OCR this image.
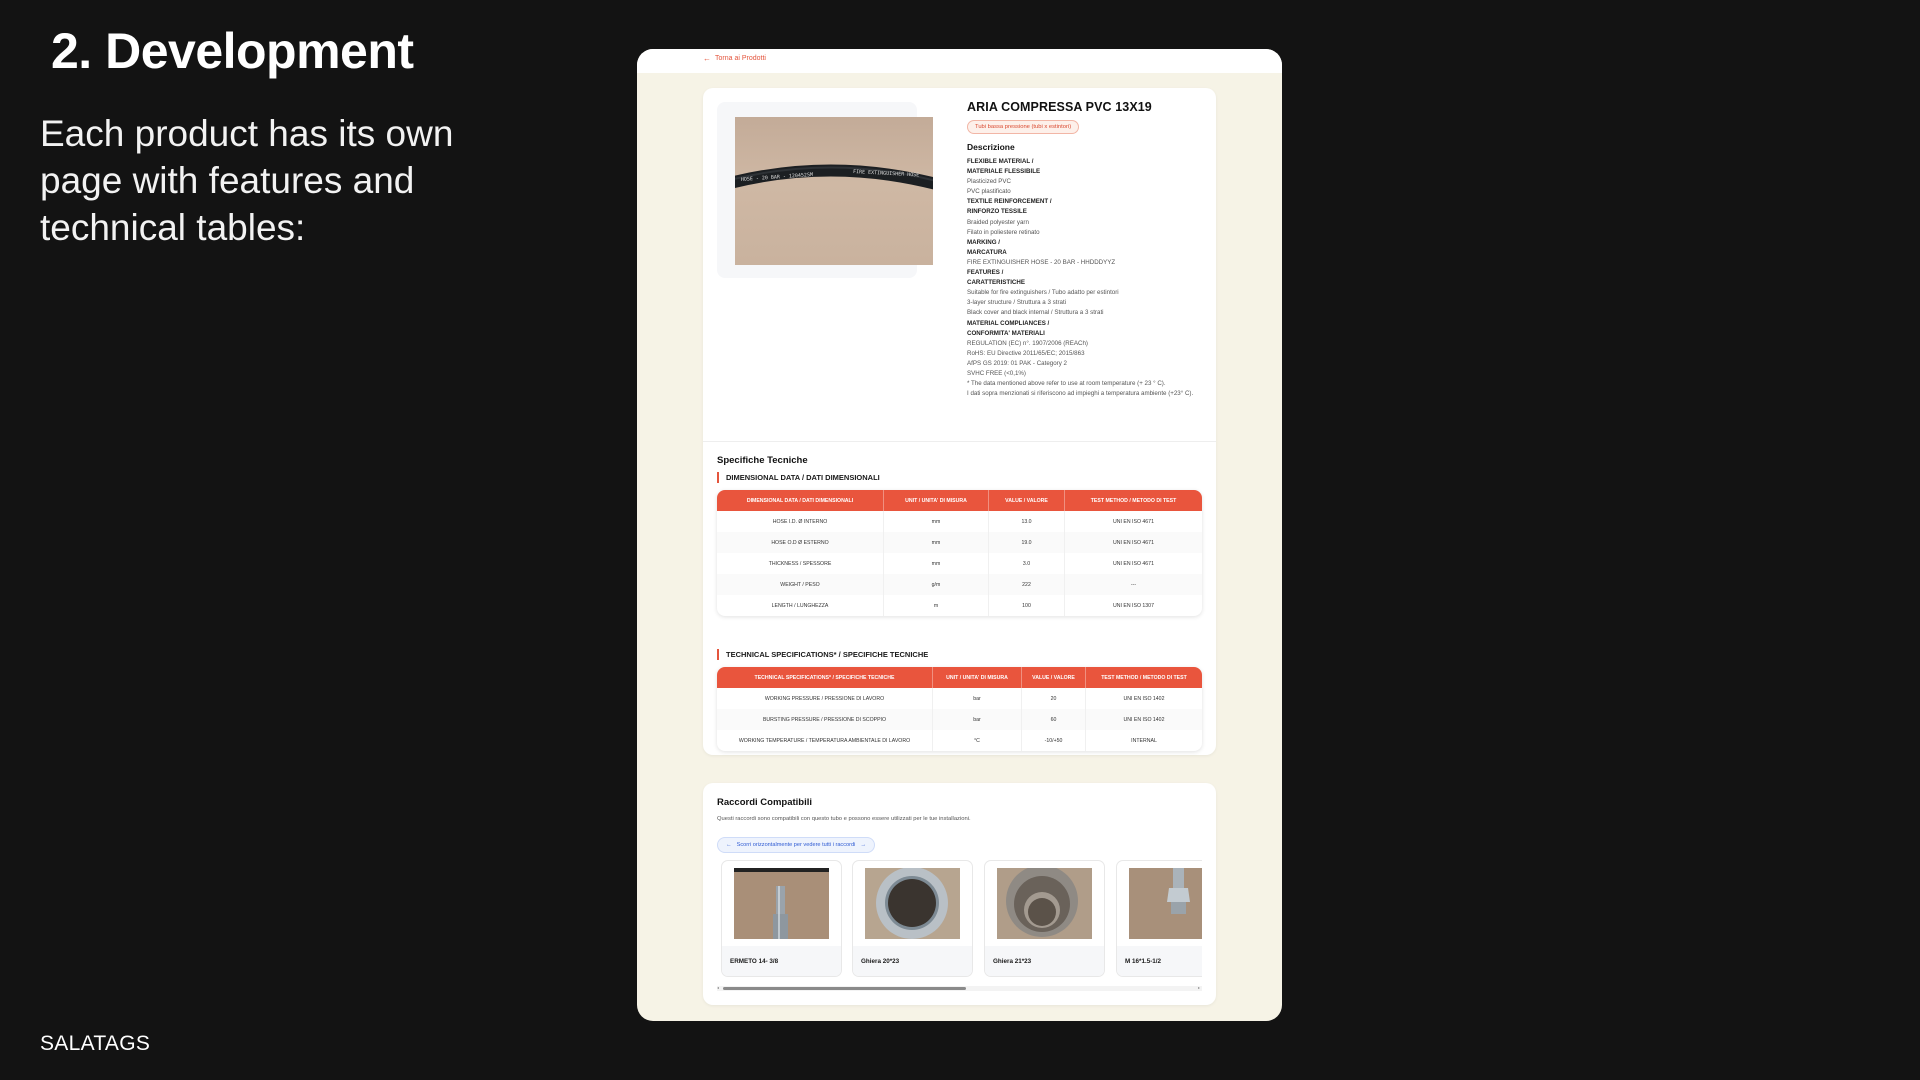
2. Development
Each product has its own page with features and technical tables:
SALATAGS
← Torna ai Prodotti
HOSE - 20 BAR - 120452SM	FIRE EXTINGUISHER HOSE
ARIA COMPRESSA PVC 13X19
Tubi bassa pressione (tubi x estintori)
Descrizione
FLEXIBLE MATERIAL /
MATERIALE FLESSIBILE
Plasticized PVC
PVC plastificato
TEXTILE REINFORCEMENT /
RINFORZO TESSILE
Braided polyester yarn
Filato in poliestere retinato
MARKING /
MARCATURA
FIRE EXTINGUISHER HOSE - 20 BAR - HHDDDYYZ
FEATURES /
CARATTERISTICHE
Suitable for fire extinguishers / Tubo adatto per estintori
3-layer structure / Struttura a 3 strati
Black cover and black internal / Struttura a 3 strati
MATERIAL COMPLIANCES /
CONFORMITA' MATERIALI
REGULATION (EC) n°. 1907/2006 (REACh)
RoHS: EU Directive 2011/65/EC; 2015/863
AfPS GS 2019: 01 PAK - Category 2
SVHC FREE (<0,1%)
* The data mentioned above refer to use at room temperature (+ 23 ° C).
I dati sopra menzionati si riferiscono ad impieghi a temperatura ambiente (+23° C).
Specifiche Tecniche
DIMENSIONAL DATA / DATI DIMENSIONALI
DIMENSIONAL DATA / DATI DIMENSIONALI	UNIT / UNITA' DI MISURA	VALUE / VALORE	TEST METHOD / METODO DI TEST
HOSE I.D. Ø INTERNO	mm	13.0	UNI EN ISO 4671
HOSE O.D Ø ESTERNO	mm	19.0	UNI EN ISO 4671
THICKNESS / SPESSORE	mm	3.0	UNI EN ISO 4671
WEIGHT / PESO	g/m	222	---
LENGTH / LUNGHEZZA	m	100	UNI EN ISO 1307
TECHNICAL SPECIFICATIONS* / SPECIFICHE TECNICHE
TECHNICAL SPECIFICATIONS* / SPECIFICHE TECNICHE	UNIT / UNITA' DI MISURA	VALUE / VALORE	TEST METHOD / METODO DI TEST
WORKING PRESSURE / PRESSIONE DI LAVORO	bar	20	UNI EN ISO 1402
BURSTING PRESSURE / PRESSIONE DI SCOPPIO	bar	60	UNI EN ISO 1402
WORKING TEMPERATURE / TEMPERATURA AMBIENTALE DI LAVORO	°C	-10/+50	INTERNAL
Raccordi Compatibili
Questi raccordi sono compatibili con questo tubo e possono essere utilizzati per le tue installazioni.
← Scorri orizzontalmente per vedere tutti i raccordi →
ERMETO 14- 3/8	Ghiera 20*23	Ghiera 21*23	M 16*1.5-1/2
◂	▸
